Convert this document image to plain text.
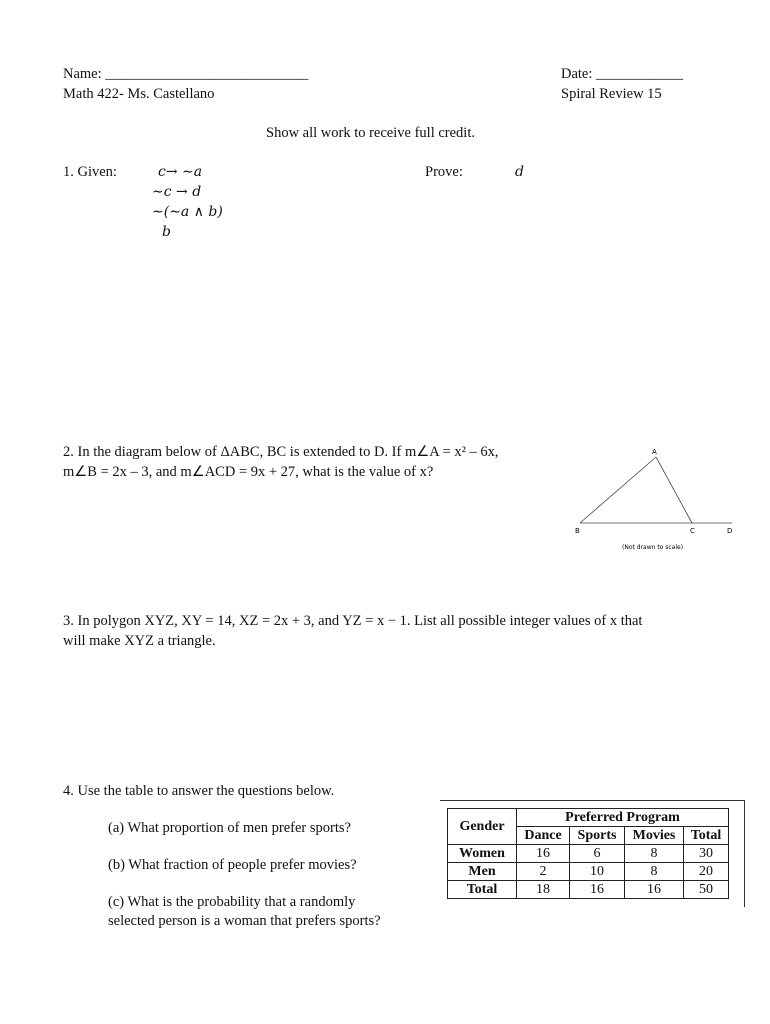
Name: ____________________________
Math 422- Ms. Castellano
Date: ____________
Spiral Review 15
Show all work to receive full credit.
1. Given:	c→ ∼a
∼c → d
∼(∼a ∧ b)
b
Prove:	d
2. In the diagram below of ΔABC, BC is extended to D. If m∠A = x² – 6x,
m∠B = 2x – 3, and m∠ACD = 9x + 27, what is the value of x?
A
B	C	D
(Not drawn to scale)
3. In polygon XYZ, XY = 14, XZ = 2x + 3, and YZ = x − 1. List all possible integer values of x that
will make XYZ a triangle.
4. Use the table to answer the questions below.
(a) What proportion of men prefer sports?
(b) What fraction of people prefer movies?
(c) What is the probability that a randomly
selected person is a woman that prefers sports?
Gender	Preferred Program			
	Dance	Sports	Movies	Total
Women	16	6	8	30
Men	2	10	8	20
Total	18	16	16	50
